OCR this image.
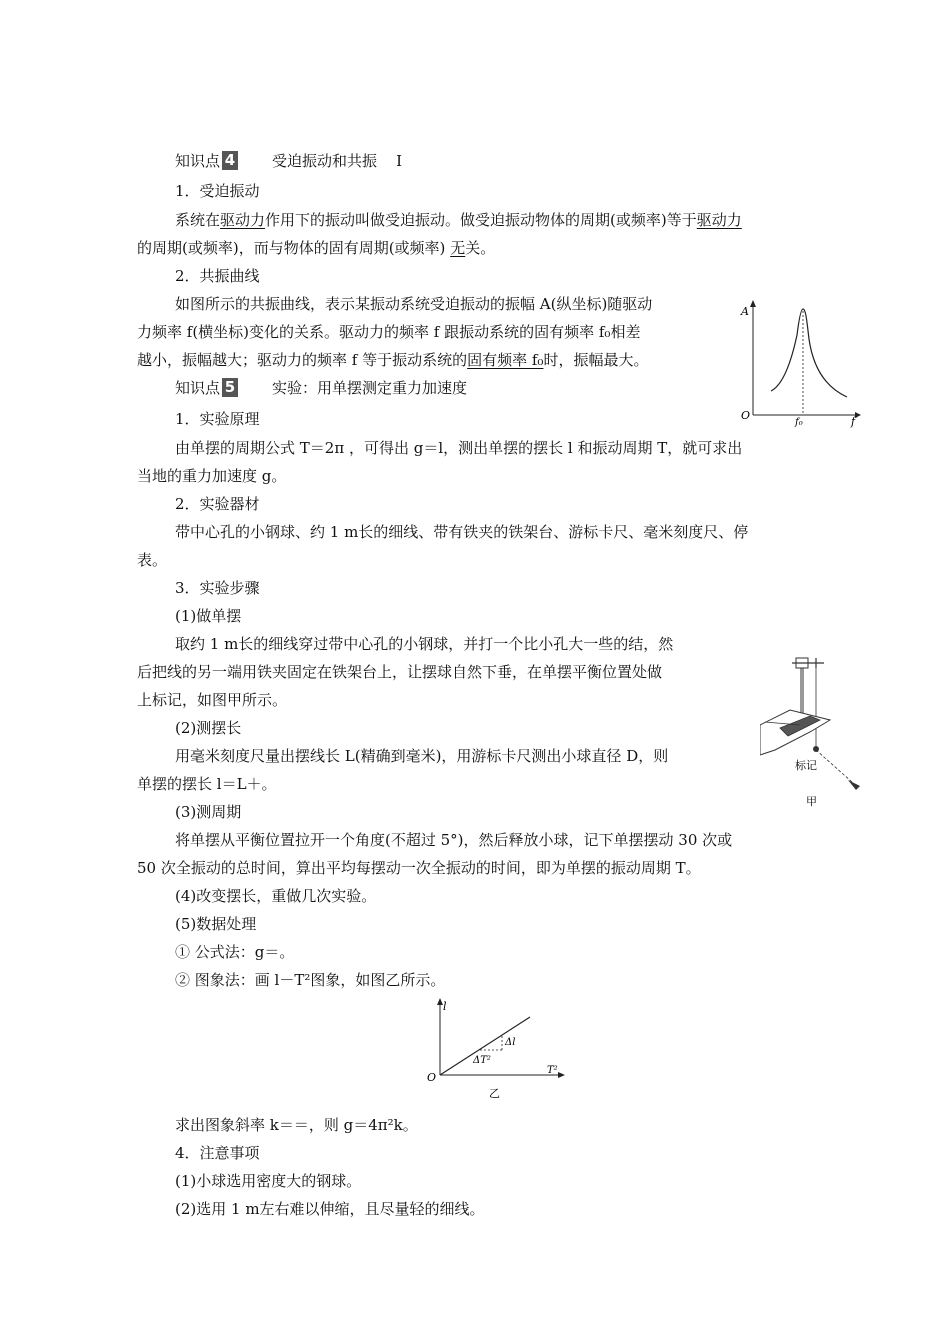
知识点 4 受迫振动和共振 Ⅰ
1．受迫振动
系统在驱动力作用下的振动叫做受迫振动。做受迫振动物体的周期(或频率)等于驱动力
的周期(或频率)，而与物体的固有周期(或频率) 无关。
2．共振曲线
如图所示的共振曲线，表示某振动系统受迫振动的振幅 A(纵坐标)随驱动
力频率 f(横坐标)变化的关系。驱动力的频率 f 跟振动系统的固有频率 f₀相差
越小，振幅越大；驱动力的频率 f 等于振动系统的固有频率 f₀时，振幅最大。
A
O
f₀	f
知识点 5 实验：用单摆测定重力加速度
1．实验原理
由单摆的周期公式 T＝2π ，可得出 g＝l，测出单摆的摆长 l 和振动周期 T，就可求出
当地的重力加速度 g。
2．实验器材
带中心孔的小钢球、约 1 m长的细线、带有铁夹的铁架台、游标卡尺、毫米刻度尺、停
表。
3．实验步骤
(1)做单摆
取约 1 m长的细线穿过带中心孔的小钢球，并打一个比小孔大一些的结，然
后把线的另一端用铁夹固定在铁架台上，让摆球自然下垂，在单摆平衡位置处做
上标记，如图甲所示。
(2)测摆长
用毫米刻度尺量出摆线长 L(精确到毫米)，用游标卡尺测出小球直径 D，则
单摆的摆长 l＝L＋。
(3)测周期
将单摆从平衡位置拉开一个角度(不超过 5°)，然后释放小球，记下单摆摆动 30 次或
50 次全振动的总时间，算出平均每摆动一次全振动的时间，即为单摆的振动周期 T。
(4)改变摆长，重做几次实验。
(5)数据处理
① 公式法：g＝。
② 图象法：画 l－T²图象，如图乙所示。
标记
甲
l
O
T²
Δl
ΔT²
乙
求出图象斜率 k＝＝，则 g＝4π²k。
4．注意事项
(1)小球选用密度大的钢球。
(2)选用 1 m左右难以伸缩，且尽量轻的细线。
